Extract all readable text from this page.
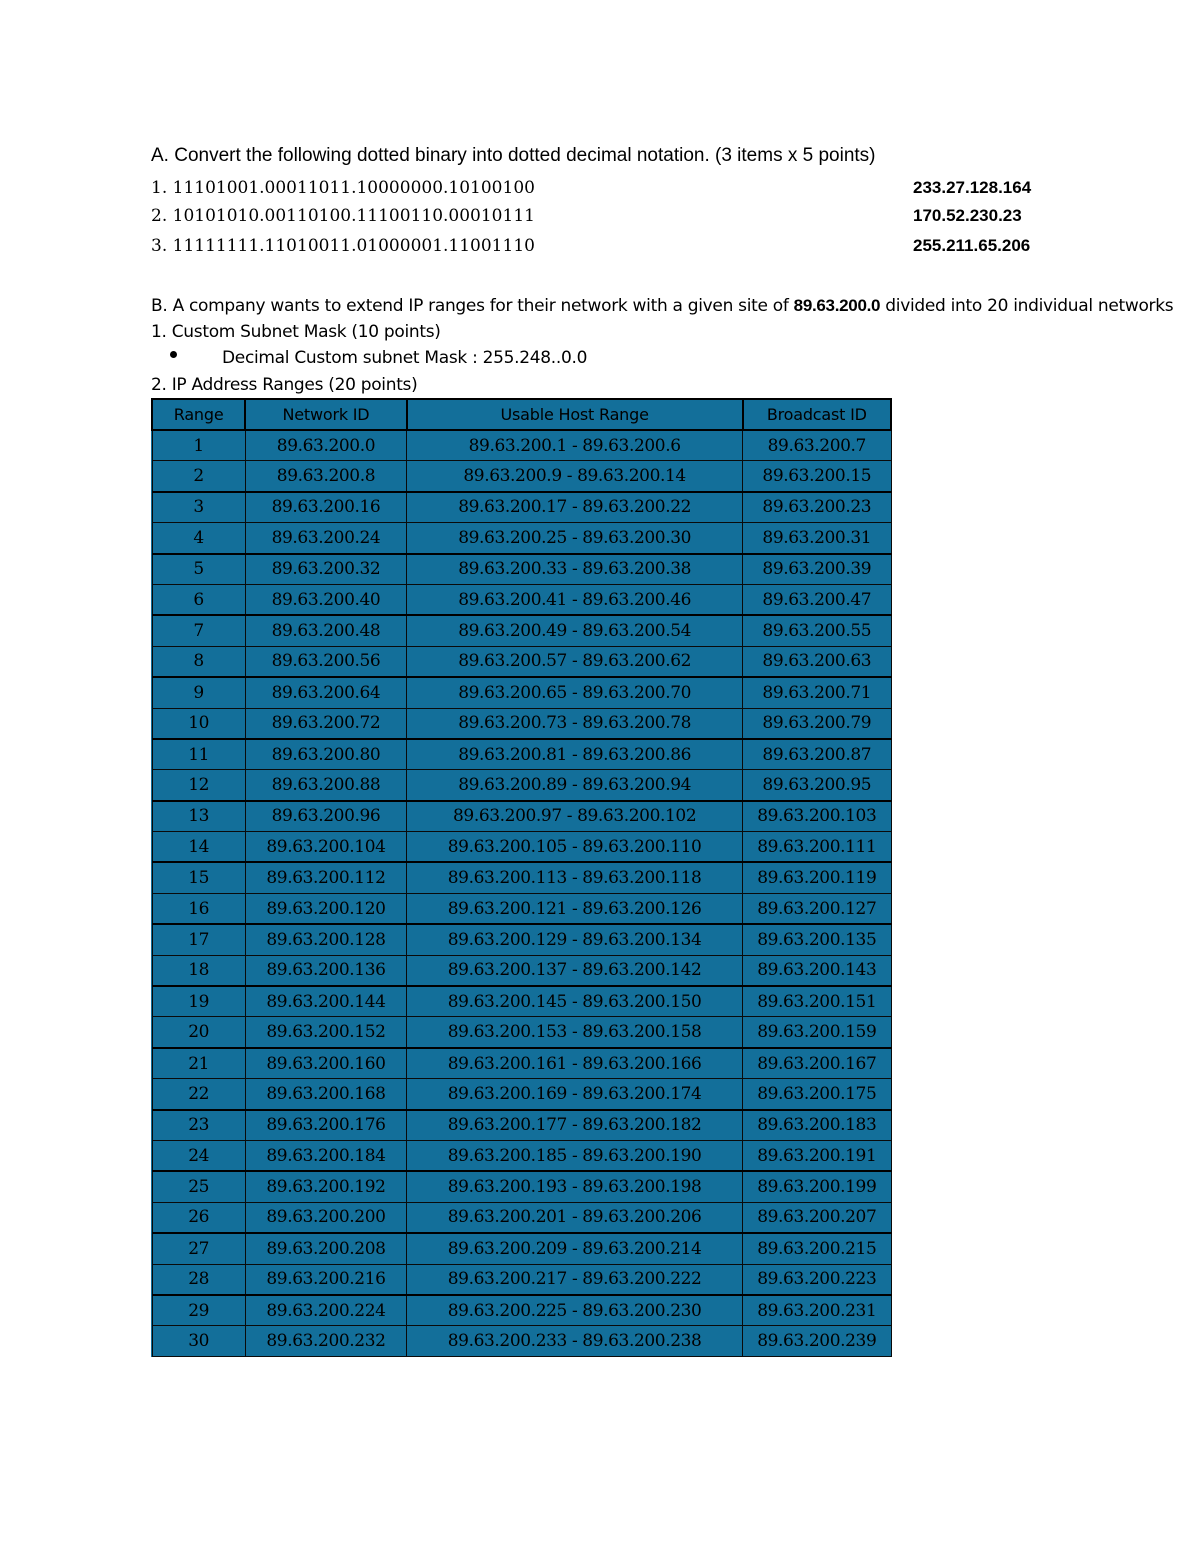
A. Convert the following dotted binary into dotted decimal notation. (3 items x 5 points)
1. 11101001.00011011.10000000.10100100	233.27.128.164
2. 10101010.00110100.11100110.00010111	170.52.230.23
3. 11111111.11010011.01000001.11001110	255.211.65.206
B. A company wants to extend IP ranges for their network with a given site of 89.63.200.0 divided into 20 individual networks
1. Custom Subnet Mask (10 points)
Decimal Custom subnet Mask : 255.248..0.0
2. IP Address Ranges (20 points)
Range	Network ID	Usable Host Range	Broadcast ID
1	89.63.200.0	89.63.200.1 - 89.63.200.6	89.63.200.7
2	89.63.200.8	89.63.200.9 - 89.63.200.14	89.63.200.15
3	89.63.200.16	89.63.200.17 - 89.63.200.22	89.63.200.23
4	89.63.200.24	89.63.200.25 - 89.63.200.30	89.63.200.31
5	89.63.200.32	89.63.200.33 - 89.63.200.38	89.63.200.39
6	89.63.200.40	89.63.200.41 - 89.63.200.46	89.63.200.47
7	89.63.200.48	89.63.200.49 - 89.63.200.54	89.63.200.55
8	89.63.200.56	89.63.200.57 - 89.63.200.62	89.63.200.63
9	89.63.200.64	89.63.200.65 - 89.63.200.70	89.63.200.71
10	89.63.200.72	89.63.200.73 - 89.63.200.78	89.63.200.79
11	89.63.200.80	89.63.200.81 - 89.63.200.86	89.63.200.87
12	89.63.200.88	89.63.200.89 - 89.63.200.94	89.63.200.95
13	89.63.200.96	89.63.200.97 - 89.63.200.102	89.63.200.103
14	89.63.200.104	89.63.200.105 - 89.63.200.110	89.63.200.111
15	89.63.200.112	89.63.200.113 - 89.63.200.118	89.63.200.119
16	89.63.200.120	89.63.200.121 - 89.63.200.126	89.63.200.127
17	89.63.200.128	89.63.200.129 - 89.63.200.134	89.63.200.135
18	89.63.200.136	89.63.200.137 - 89.63.200.142	89.63.200.143
19	89.63.200.144	89.63.200.145 - 89.63.200.150	89.63.200.151
20	89.63.200.152	89.63.200.153 - 89.63.200.158	89.63.200.159
21	89.63.200.160	89.63.200.161 - 89.63.200.166	89.63.200.167
22	89.63.200.168	89.63.200.169 - 89.63.200.174	89.63.200.175
23	89.63.200.176	89.63.200.177 - 89.63.200.182	89.63.200.183
24	89.63.200.184	89.63.200.185 - 89.63.200.190	89.63.200.191
25	89.63.200.192	89.63.200.193 - 89.63.200.198	89.63.200.199
26	89.63.200.200	89.63.200.201 - 89.63.200.206	89.63.200.207
27	89.63.200.208	89.63.200.209 - 89.63.200.214	89.63.200.215
28	89.63.200.216	89.63.200.217 - 89.63.200.222	89.63.200.223
29	89.63.200.224	89.63.200.225 - 89.63.200.230	89.63.200.231
30	89.63.200.232	89.63.200.233 - 89.63.200.238	89.63.200.239
